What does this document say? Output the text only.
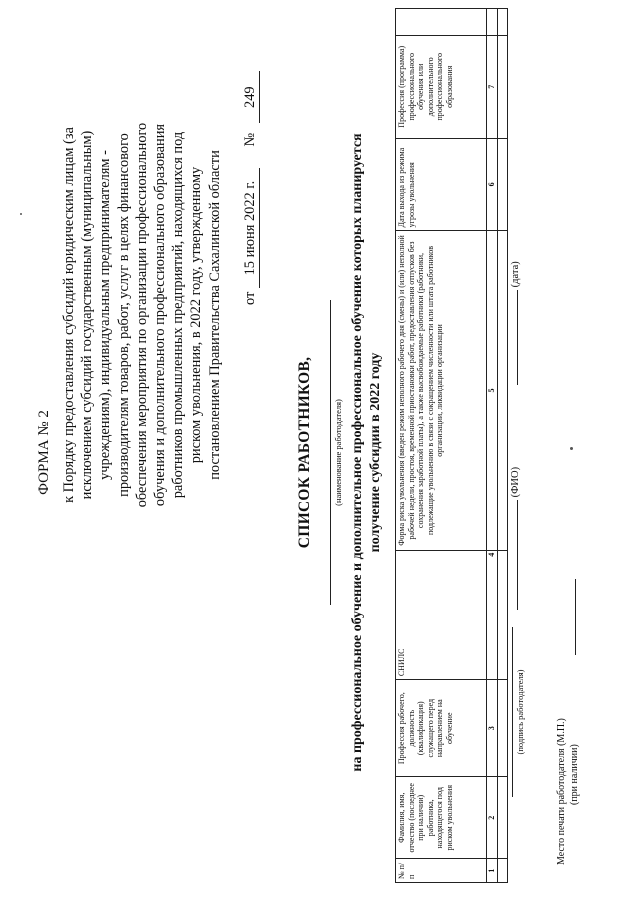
ФОРМА № 2 к Порядку предоставления субсидий юридическим лицам (за исключением субсидий государственным (муниципальным) учреждениям), индивидуальным предпринимателям - производителям товаров, работ, услуг в целях финансового обеспечения мероприятия по организации профессионального обучения и дополнительного профессионального образования работников промышленных предприятий, находящихся под риском увольнения, в 2022 году, утвержденному постановлением Правительства Сахалинской области от 15 июня 2022 г.      № 249
СПИСОК РАБОТНИКОВ, (наименование работодателя) на профессиональное обучение и дополнительное профессиональное обучение которых планируется получение субсидии в 2022 году
№ п/п	Фамилия, имя, отчество (последнее при наличии) работника, находящегося под риском увольнения	Профессия рабочего, должность (квалификация) служащего перед направлением на обучение	СНИЛС	Форма риска увольнения (введен режим неполного рабочего дня (смены) и (или) неполной рабочей недели, простоя, временной приостановки работ, предоставления отпусков без сохранения заработной платы), а также высвобождаемые работники (работники, подлежащие увольнению в связи с сокращением численности или штата работников организации, ликвидации организации	Дата выхода из режима угрозы увольнения	Профессия (программа) профессионального обучения или дополнительного профессионального образования	
1	2	3	4	5	6	7	

(подпись работодателя)
(ФИО)
(дата)
Место печати работодателя (М.П.) (при наличии)
